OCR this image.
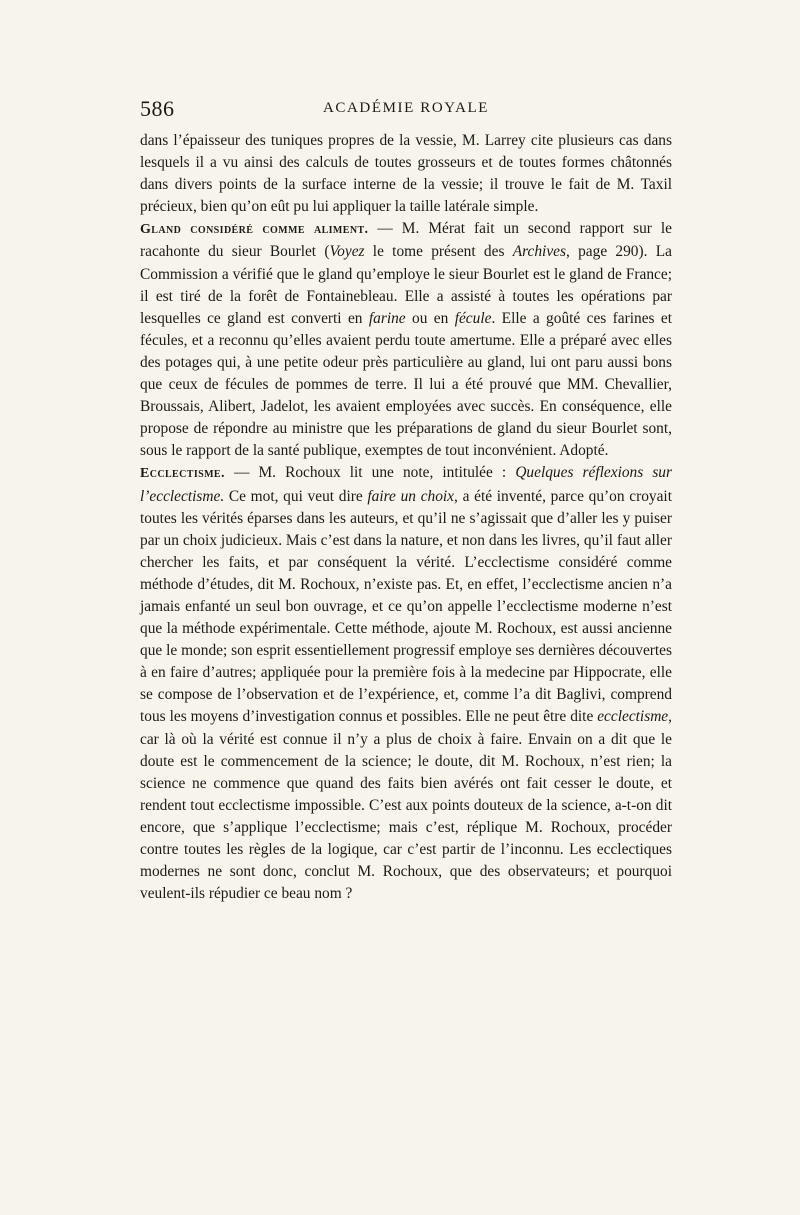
586	ACADÉMIE ROYALE

dans l’épaisseur des tuniques propres de la vessie, M. Larrey cite plusieurs cas dans lesquels il a vu ainsi des calculs de toutes grosseurs et de toutes formes châtonnés dans divers points de la surface interne de la vessie; il trouve le fait de M. Taxil précieux, bien qu’on eût pu lui appliquer la taille latérale simple.

Gland considéré comme aliment. — M. Mérat fait un second rapport sur le racahonte du sieur Bourlet (Voyez le tome présent des Archives, page 290). La Commission a vérifié que le gland qu’employe le sieur Bourlet est le gland de France; il est tiré de la forêt de Fontainebleau. Elle a assisté à toutes les opérations par lesquelles ce gland est converti en farine ou en fécule. Elle a goûté ces farines et fécules, et a reconnu qu’elles avaient perdu toute amertume. Elle a préparé avec elles des potages qui, à une petite odeur près particulière au gland, lui ont paru aussi bons que ceux de fécules de pommes de terre. Il lui a été prouvé que MM. Chevallier, Broussais, Alibert, Jadelot, les avaient employées avec succès. En conséquence, elle propose de répondre au ministre que les préparations de gland du sieur Bourlet sont, sous le rapport de la santé publique, exemptes de tout inconvénient. Adopté.

Ecclectisme. — M. Rochoux lit une note, intitulée : Quelques réflexions sur l’ecclectisme. Ce mot, qui veut dire faire un choix, a été inventé, parce qu’on croyait toutes les vérités éparses dans les auteurs, et qu’il ne s’agissait que d’aller les y puiser par un choix judicieux. Mais c’est dans la nature, et non dans les livres, qu’il faut aller chercher les faits, et par conséquent la vérité. L’ecclectisme considéré comme méthode d’études, dit M. Rochoux, n’existe pas. Et, en effet, l’ecclectisme ancien n’a jamais enfanté un seul bon ouvrage, et ce qu’on appelle l’ecclectisme moderne n’est que la méthode expérimentale. Cette méthode, ajoute M. Rochoux, est aussi ancienne que le monde; son esprit essentiellement progressif employe ses dernières découvertes à en faire d’autres; appliquée pour la première fois à la medecine par Hippocrate, elle se compose de l’observation et de l’expérience, et, comme l’a dit Baglivi, comprend tous les moyens d’investigation connus et possibles. Elle ne peut être dite ecclectisme, car là où la vérité est connue il n’y a plus de choix à faire. Envain on a dit que le doute est le commencement de la science; le doute, dit M. Rochoux, n’est rien; la science ne commence que quand des faits bien avérés ont fait cesser le doute, et rendent tout ecclectisme impossible. C’est aux points douteux de la science, a-t-on dit encore, que s’applique l’ecclectisme; mais c’est, réplique M. Rochoux, procéder contre toutes les règles de la logique, car c’est partir de l’inconnu. Les ecclectiques modernes ne sont donc, conclut M. Rochoux, que des observateurs; et pourquoi veulent-ils répudier ce beau nom ?
